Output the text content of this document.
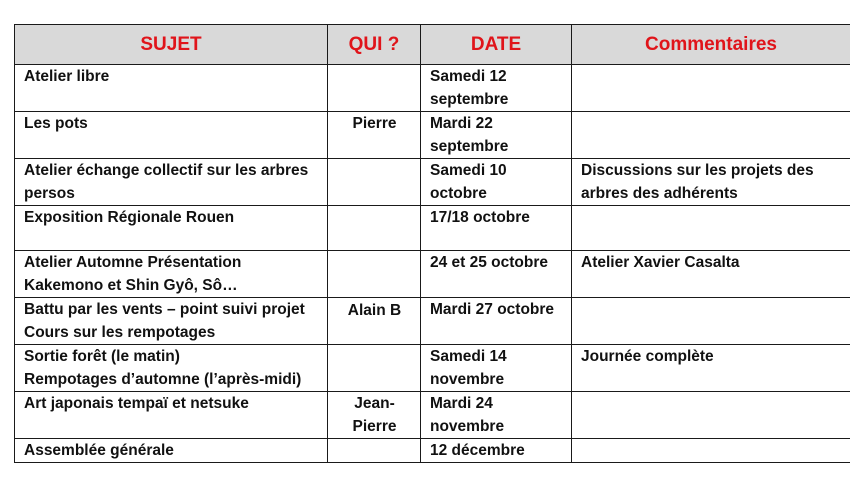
SUJET	QUI ?	DATE	Commentaires

Atelier libre		Samedi 12
septembre	

Les pots	Pierre	Mardi 22
septembre	

Atelier échange collectif sur les arbres
persos		Samedi 10
octobre	Discussions sur les projets des
arbres des adhérents

Exposition Régionale Rouen		17/18 octobre	

Atelier Automne Présentation
Kakemono et Shin Gyô, Sô…		24 et 25 octobre	Atelier Xavier Casalta

Battu par les vents – point suivi projet
Cours sur les rempotages	Alain B	Mardi 27 octobre	

Sortie forêt (le matin)
Rempotages d’automne (l’après-midi)		Samedi 14
novembre	Journée complète

Art japonais tempaï et netsuke	Jean-
Pierre	Mardi 24
novembre	

Assemblée générale		12 décembre	
